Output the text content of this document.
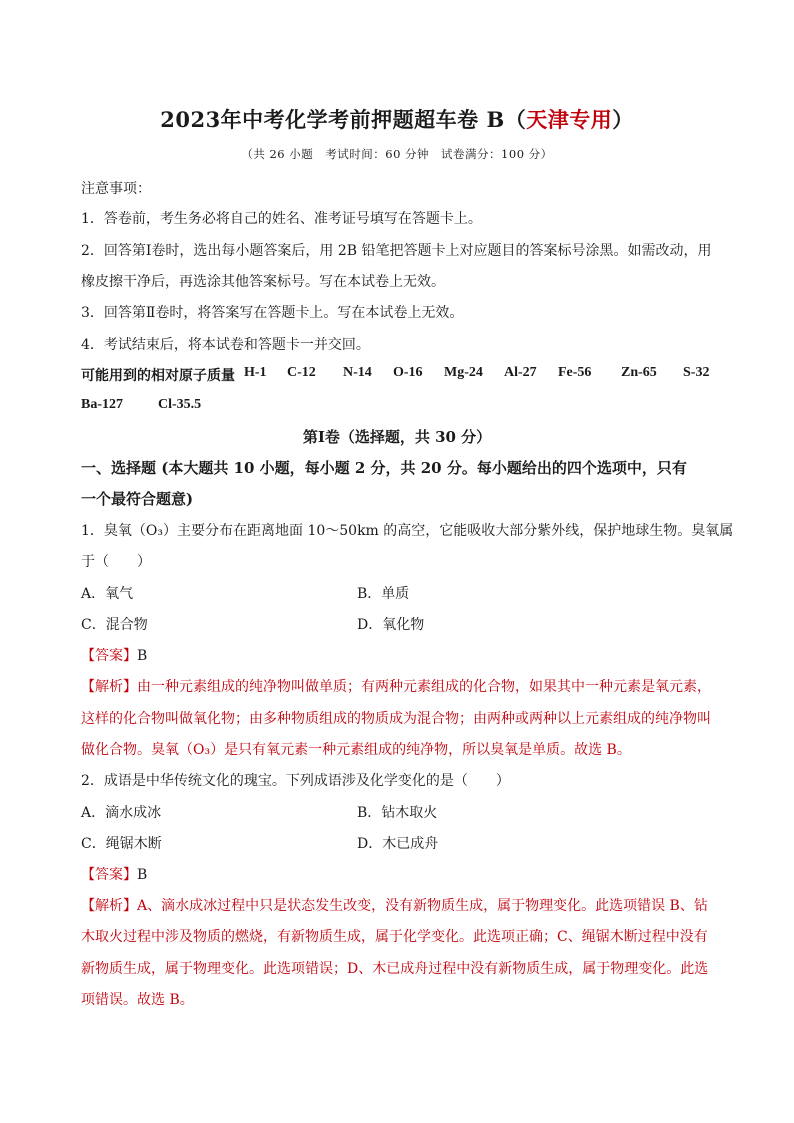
2023年中考化学考前押题超车卷 B（天津专用）
（共 26 小题　考试时间：60 分钟　试卷满分：100 分）
注意事项：
1．答卷前，考生务必将自己的姓名、准考证号填写在答题卡上。
2．回答第Ⅰ卷时，选出每小题答案后，用 2B 铅笔把答题卡上对应题目的答案标号涂黑。如需改动，用
橡皮擦干净后，再选涂其他答案标号。写在本试卷上无效。
3．回答第Ⅱ卷时，将答案写在答题卡上。写在本试卷上无效。
4．考试结束后，将本试卷和答题卡一并交回。
可能用到的相对原子质量 H-1 C-12 N-14 O-16 Mg-24 Al-27 Fe-56 Zn-65 S-32
Ba-127	Cl-35.5
第Ⅰ卷（选择题，共 30 分）
一、选择题 (本大题共 10 小题，每小题 2 分，共 20 分。每小题给出的四个选项中，只有
一个最符合题意)
1．臭氧（O₃）主要分布在距离地面 10～50km 的高空，它能吸收大部分紫外线，保护地球生物。臭氧属
于（　　）
A．氧气	B．单质
C．混合物	D．氧化物
【答案】B
【解析】由一种元素组成的纯净物叫做单质；有两种元素组成的化合物，如果其中一种元素是氧元素，
这样的化合物叫做氧化物；由多种物质组成的物质成为混合物；由两种或两种以上元素组成的纯净物叫
做化合物。臭氧（O₃）是只有氧元素一种元素组成的纯净物，所以臭氧是单质。故选 B。
2．成语是中华传统文化的瑰宝。下列成语涉及化学变化的是（　　）
A．滴水成冰	B．钻木取火
C．绳锯木断	D．木已成舟
【答案】B
【解析】A、滴水成冰过程中只是状态发生改变，没有新物质生成，属于物理变化。此选项错误 B、钻
木取火过程中涉及物质的燃烧，有新物质生成，属于化学变化。此选项正确；C、绳锯木断过程中没有
新物质生成，属于物理变化。此选项错误；D、木已成舟过程中没有新物质生成，属于物理变化。此选
项错误。故选 B。
